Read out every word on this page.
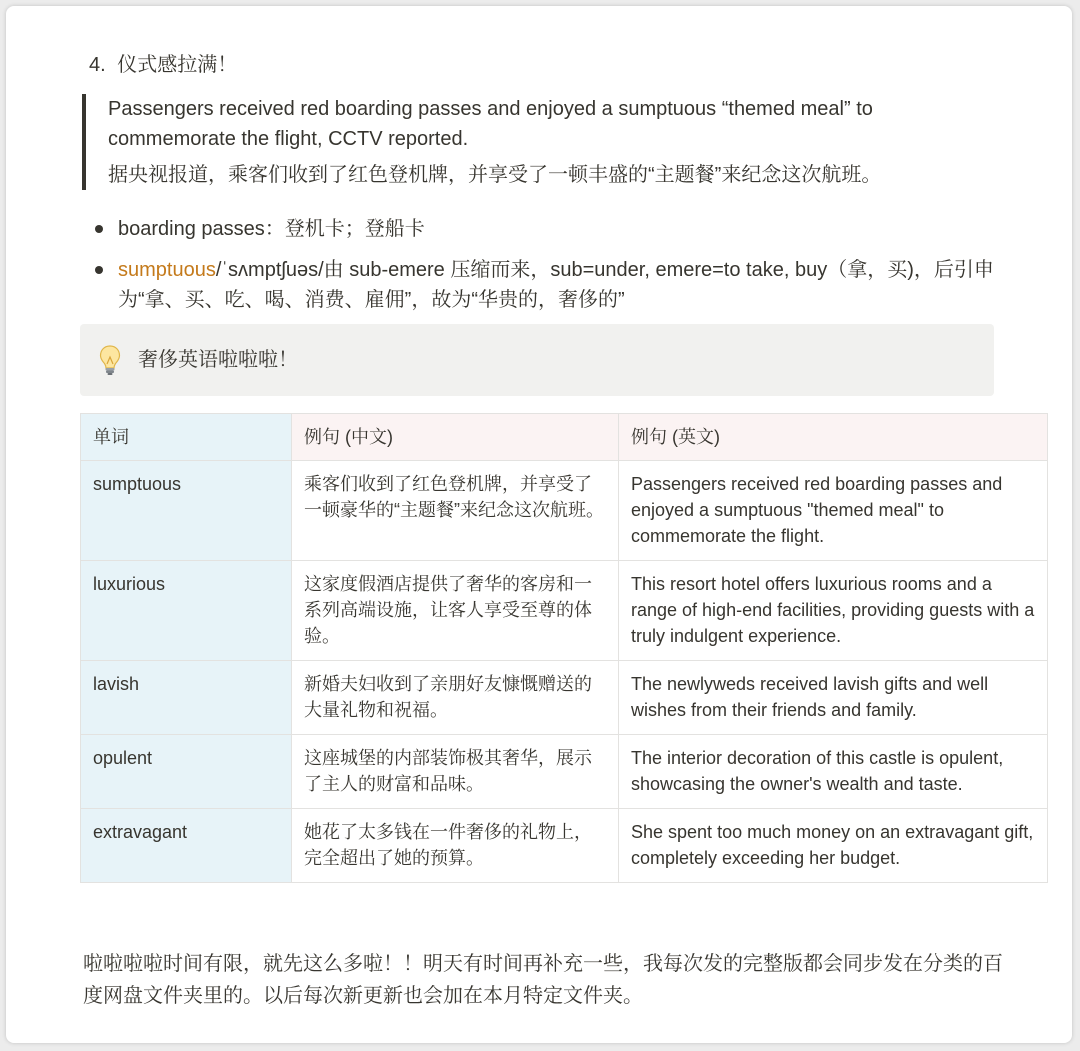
4. 仪式感拉满！
Passengers received red boarding passes and enjoyed a sumptuous “themed meal” to commemorate the flight, CCTV reported.
据央视报道，乘客们收到了红色登机牌，并享受了一顿丰盛的“主题餐”来纪念这次航班。
boarding passes：登机卡；登船卡
sumptuous/ˈsʌmptʃuəs/由 sub-emere 压缩而来，sub=under, emere=to take, buy（拿，买)，后引申为“拿、买、吃、喝、消费、雇佣”，故为“华贵的，奢侈的”
奢侈英语啦啦啦！
单词	例句 (中文)	例句 (英文)
sumptuous	乘客们收到了红色登机牌，并享受了一顿豪华的“主题餐”来纪念这次航班。	Passengers received red boarding passes and enjoyed a sumptuous "themed meal" to commemorate the flight.
luxurious	这家度假酒店提供了奢华的客房和一系列高端设施，让客人享受至尊的体验。	This resort hotel offers luxurious rooms and a range of high-end facilities, providing guests with a truly indulgent experience.
lavish	新婚夫妇收到了亲朋好友慷慨赠送的大量礼物和祝福。	The newlyweds received lavish gifts and well wishes from their friends and family.
opulent	这座城堡的内部装饰极其奢华，展示了主人的财富和品味。	The interior decoration of this castle is opulent, showcasing the owner's wealth and taste.
extravagant	她花了太多钱在一件奢侈的礼物上，完全超出了她的预算。	She spent too much money on an extravagant gift, completely exceeding her budget.
啦啦啦啦时间有限，就先这么多啦！！明天有时间再补充一些，我每次发的完整版都会同步发在分类的百度网盘文件夹里的。以后每次新更新也会加在本月特定文件夹。
